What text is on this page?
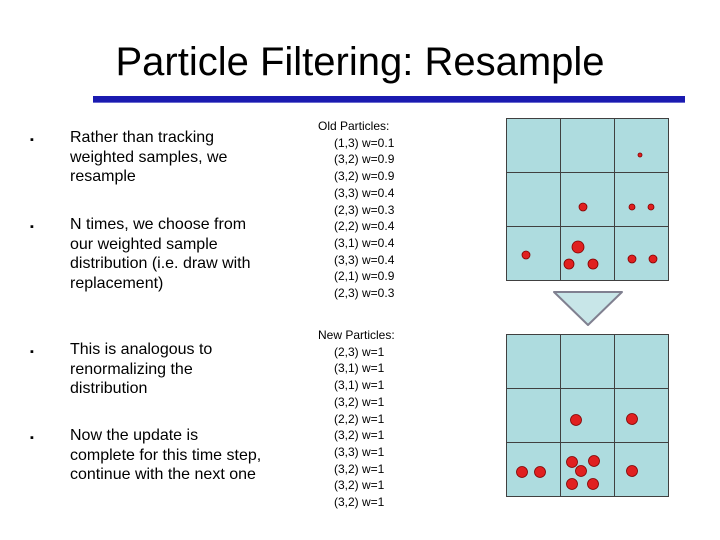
Particle Filtering: Resample
▪ Rather than tracking weighted samples, we resample
▪ N times, we choose from our weighted sample distribution (i.e. draw with replacement)
▪ This is analogous to renormalizing the distribution
▪ Now the update is complete for this time step, continue with the next one
Old Particles:
(1,3) w=0.1
(3,2) w=0.9
(3,2) w=0.9
(3,3) w=0.4
(2,3) w=0.3
(2,2) w=0.4
(3,1) w=0.4
(3,3) w=0.4
(2,1) w=0.9
(2,3) w=0.3
New Particles:
(2,3) w=1
(3,1) w=1
(3,1) w=1
(3,2) w=1
(2,2) w=1
(3,2) w=1
(3,3) w=1
(3,2) w=1
(3,2) w=1
(3,2) w=1
